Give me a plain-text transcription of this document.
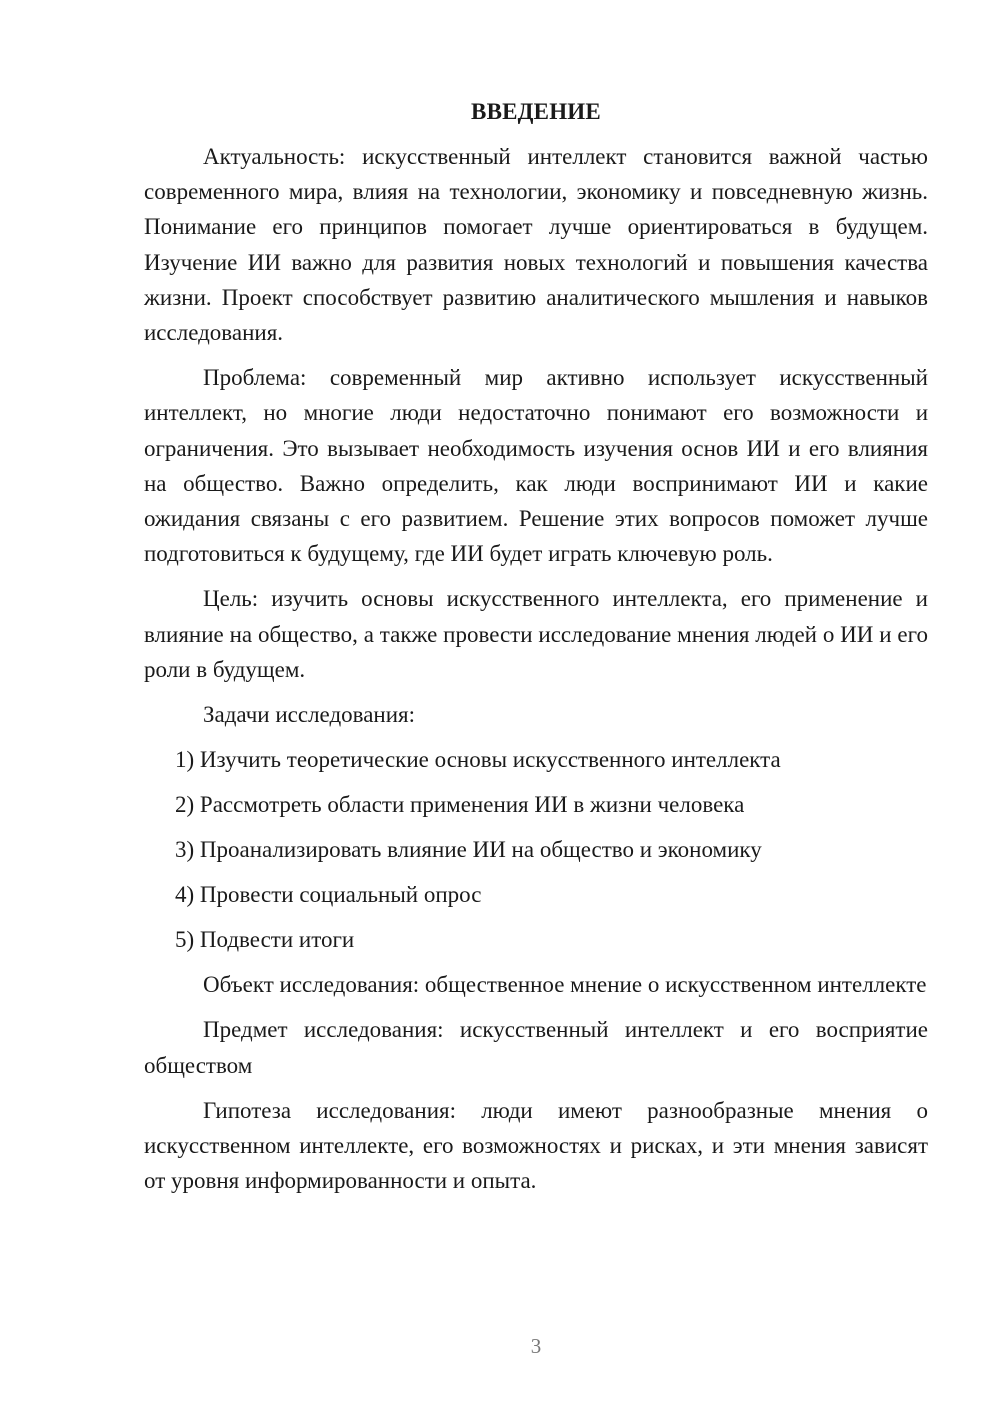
ВВЕДЕНИЕ

Актуальность: искусственный интеллект становится важной частью современного мира, влияя на технологии, экономику и повседневную жизнь. Понимание его принципов помогает лучше ориентироваться в будущем. Изучение ИИ важно для развития новых технологий и повышения качества жизни. Проект способствует развитию аналитического мышления и навыков исследования.

Проблема: современный мир активно использует искусственный интеллект, но многие люди недостаточно понимают его возможности и ограничения. Это вызывает необходимость изучения основ ИИ и его влияния на общество. Важно определить, как люди воспринимают ИИ и какие ожидания связаны с его развитием. Решение этих вопросов поможет лучше подготовиться к будущему, где ИИ будет играть ключевую роль.

Цель: изучить основы искусственного интеллекта, его применение и влияние на общество, а также провести исследование мнения людей о ИИ и его роли в будущем.

Задачи исследования:

1) Изучить теоретические основы искусственного интеллекта
2) Рассмотреть области применения ИИ в жизни человека
3) Проанализировать влияние ИИ на общество и экономику
4) Провести социальный опрос
5) Подвести итоги

Объект исследования: общественное мнение о искусственном интеллекте

Предмет исследования: искусственный интеллект и его восприятие обществом

Гипотеза исследования: люди имеют разнообразные мнения о искусственном интеллекте, его возможностях и рисках, и эти мнения зависят от уровня информированности и опыта.

3
